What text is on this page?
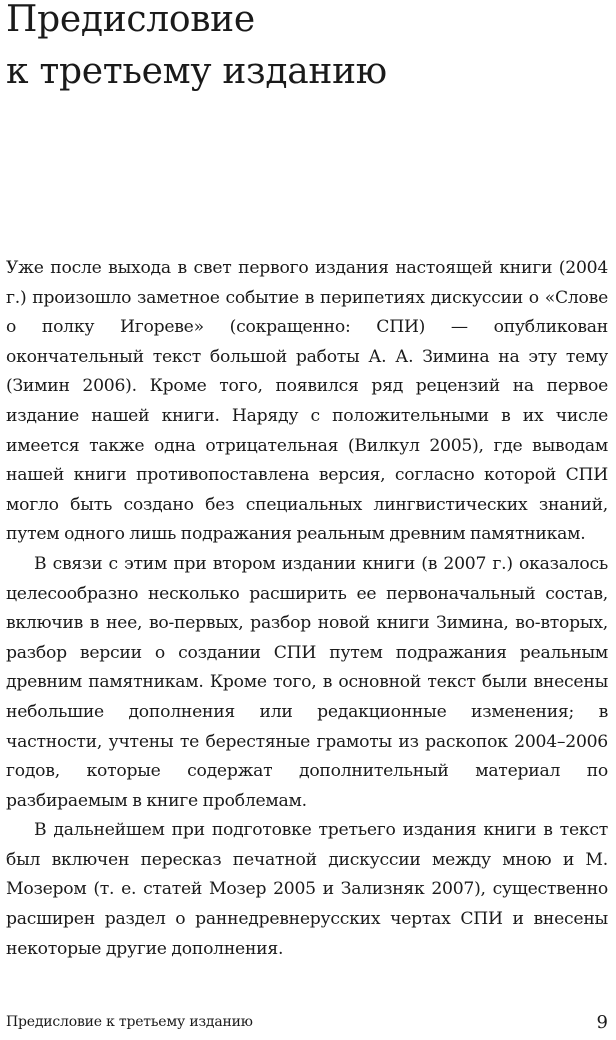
Предисловие
к третьему изданию

Уже после выхода в свет первого издания настоящей книги (2004 г.) произошло заметное событие в перипетиях дискуссии о «Слове о полку Игореве» (сокращенно: СПИ) — опубликован окончательный текст большой работы А. А. Зимина на эту тему (Зимин 2006). Кроме того, появился ряд рецензий на первое издание нашей книги. Наряду с положительными в их числе имеется также одна отрицательная (Вилкул 2005), где выводам нашей книги противопоставлена версия, согласно которой СПИ могло быть создано без специальных лингвистических знаний, путем одного лишь подражания реальным древним памятникам.

В связи с этим при втором издании книги (в 2007 г.) оказалось целесообразно несколько расширить ее первоначальный состав, включив в нее, во-первых, разбор новой книги Зимина, во-вторых, разбор версии о создании СПИ путем подражания реальным древним памятникам. Кроме того, в основной текст были внесены небольшие дополнения или редакционные изменения; в частности, учтены те берестяные грамоты из раскопок 2004–2006 годов, которые содержат дополнительный материал по разбираемым в книге проблемам.

В дальнейшем при подготовке третьего издания книги в текст был включен пересказ печатной дискуссии между мною и М. Мозером (т. е. статей Мозер 2005 и Зализняк 2007), существенно расширен раздел о раннедревнерусских чертах СПИ и внесены некоторые другие дополнения.

Предисловие к третьему изданию	9
